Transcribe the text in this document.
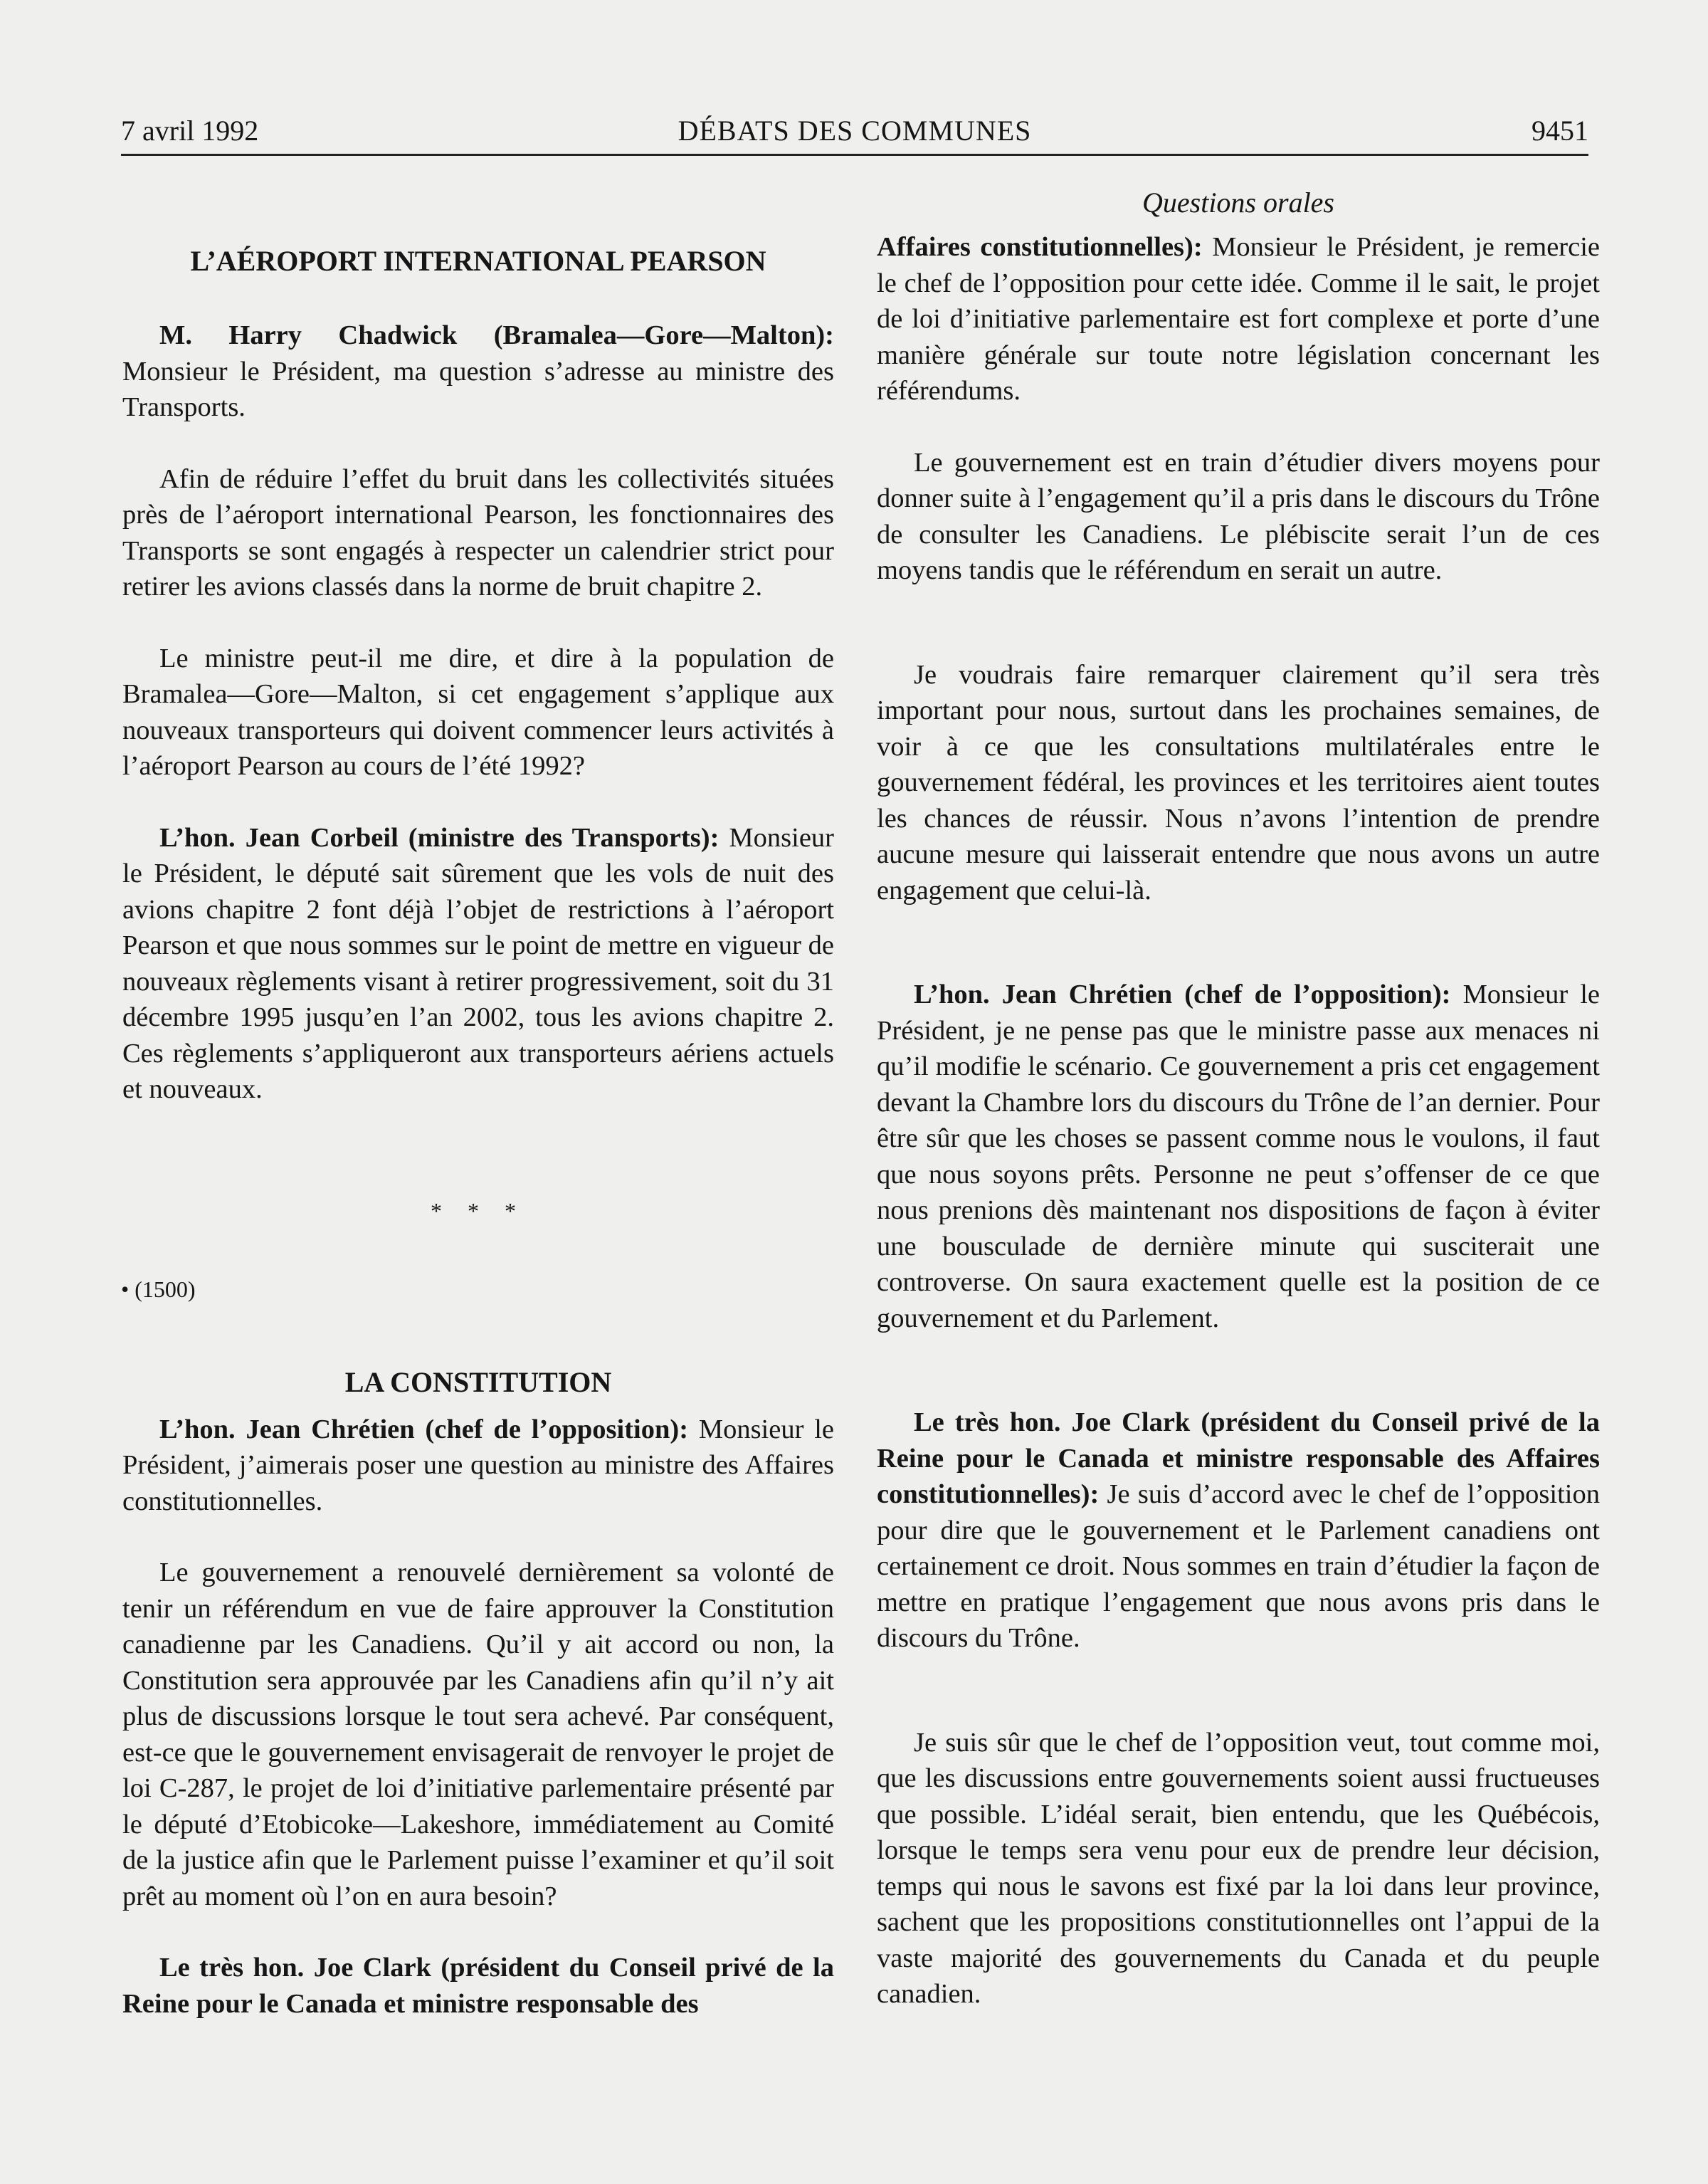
7 avril 1992	DÉBATS DES COMMUNES	9451

L’AÉROPORT INTERNATIONAL PEARSON

M. Harry Chadwick (Bramalea—Gore—Malton): Monsieur le Président, ma question s’adresse au ministre des Transports.

Afin de réduire l’effet du bruit dans les collectivités situées près de l’aéroport international Pearson, les fonctionnaires des Transports se sont engagés à respecter un calendrier strict pour retirer les avions classés dans la norme de bruit chapitre 2.

Le ministre peut-il me dire, et dire à la population de Bramalea—Gore—Malton, si cet engagement s’applique aux nouveaux transporteurs qui doivent commencer leurs activités à l’aéroport Pearson au cours de l’été 1992?

L’hon. Jean Corbeil (ministre des Transports): Monsieur le Président, le député sait sûrement que les vols de nuit des avions chapitre 2 font déjà l’objet de restrictions à l’aéroport Pearson et que nous sommes sur le point de mettre en vigueur de nouveaux règlements visant à retirer progressivement, soit du 31 décembre 1995 jusqu’en l’an 2002, tous les avions chapitre 2. Ces règlements s’appliqueront aux transporteurs aériens actuels et nouveaux.

* * *

• (1500)

LA CONSTITUTION

L’hon. Jean Chrétien (chef de l’opposition): Monsieur le Président, j’aimerais poser une question au ministre des Affaires constitutionnelles.

Le gouvernement a renouvelé dernièrement sa volonté de tenir un référendum en vue de faire approuver la Constitution canadienne par les Canadiens. Qu’il y ait accord ou non, la Constitution sera approuvée par les Canadiens afin qu’il n’y ait plus de discussions lorsque le tout sera achevé. Par conséquent, est-ce que le gouvernement envisagerait de renvoyer le projet de loi C-287, le projet de loi d’initiative parlementaire présenté par le député d’Etobicoke—Lakeshore, immédiatement au Comité de la justice afin que le Parlement puisse l’examiner et qu’il soit prêt au moment où l’on en aura besoin?

Le très hon. Joe Clark (président du Conseil privé de la Reine pour le Canada et ministre responsable des

Questions orales

Affaires constitutionnelles): Monsieur le Président, je remercie le chef de l’opposition pour cette idée. Comme il le sait, le projet de loi d’initiative parlementaire est fort complexe et porte d’une manière générale sur toute notre législation concernant les référendums.

Le gouvernement est en train d’étudier divers moyens pour donner suite à l’engagement qu’il a pris dans le discours du Trône de consulter les Canadiens. Le plébiscite serait l’un de ces moyens tandis que le référendum en serait un autre.

Je voudrais faire remarquer clairement qu’il sera très important pour nous, surtout dans les prochaines semaines, de voir à ce que les consultations multilatérales entre le gouvernement fédéral, les provinces et les territoires aient toutes les chances de réussir. Nous n’avons l’intention de prendre aucune mesure qui laisserait entendre que nous avons un autre engagement que celui-là.

L’hon. Jean Chrétien (chef de l’opposition): Monsieur le Président, je ne pense pas que le ministre passe aux menaces ni qu’il modifie le scénario. Ce gouvernement a pris cet engagement devant la Chambre lors du discours du Trône de l’an dernier. Pour être sûr que les choses se passent comme nous le voulons, il faut que nous soyons prêts. Personne ne peut s’offenser de ce que nous prenions dès maintenant nos dispositions de façon à éviter une bousculade de dernière minute qui susciterait une controverse. On saura exactement quelle est la position de ce gouvernement et du Parlement.

Le très hon. Joe Clark (président du Conseil privé de la Reine pour le Canada et ministre responsable des Affaires constitutionnelles): Je suis d’accord avec le chef de l’opposition pour dire que le gouvernement et le Parlement canadiens ont certainement ce droit. Nous sommes en train d’étudier la façon de mettre en pratique l’engagement que nous avons pris dans le discours du Trône.

Je suis sûr que le chef de l’opposition veut, tout comme moi, que les discussions entre gouvernements soient aussi fructueuses que possible. L’idéal serait, bien entendu, que les Québécois, lorsque le temps sera venu pour eux de prendre leur décision, temps qui nous le savons est fixé par la loi dans leur province, sachent que les propositions constitutionnelles ont l’appui de la vaste majorité des gouvernements du Canada et du peuple canadien.
